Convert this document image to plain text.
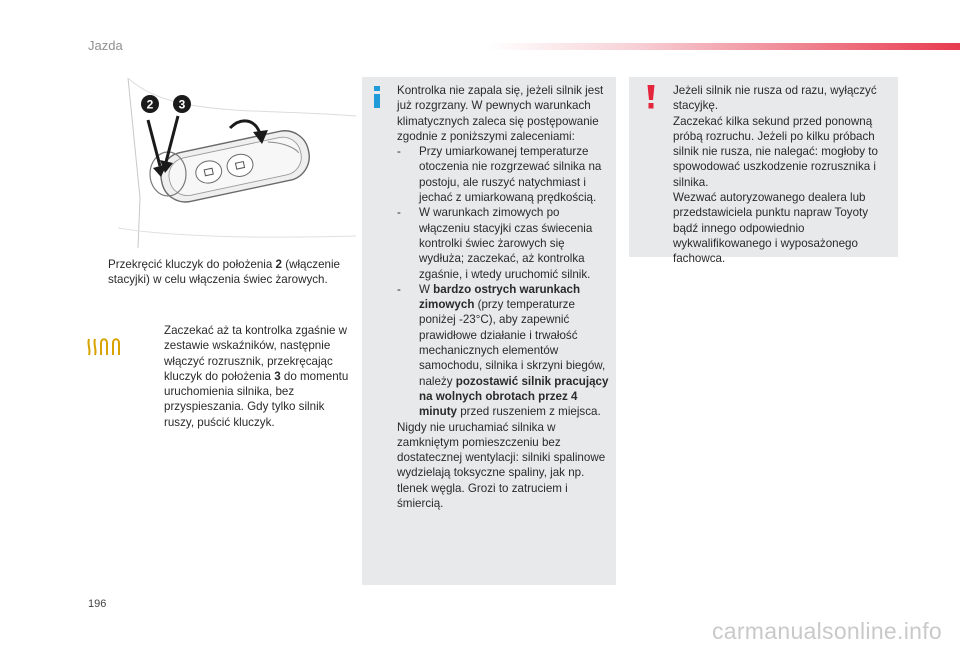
Jazda
2 3
Przekręcić kluczyk do położenia 2 (włączenie stacyjki) w celu włączenia świec żarowych.
Zaczekać aż ta kontrolka zgaśnie w zestawie wskaźników, następnie włączyć rozrusznik, przekręcając kluczyk do położenia 3 do momentu uruchomienia silnika, bez przyspieszania. Gdy tylko silnik ruszy, puścić kluczyk.

Kontrolka nie zapala się, jeżeli silnik jest już rozgrzany. W pewnych warunkach klimatycznych zaleca się postępowanie zgodnie z poniższymi zaleceniami:

- Przy umiarkowanej temperaturze otoczenia nie rozgrzewać silnika na postoju, ale ruszyć natychmiast i jechać z umiarkowaną prędkością.
- W warunkach zimowych po włączeniu stacyjki czas świecenia kontrolki świec żarowych się wydłuża; zaczekać, aż kontrolka zgaśnie, i wtedy uruchomić silnik.
- W bardzo ostrych warunkach zimowych (przy temperaturze poniżej -23°C), aby zapewnić prawidłowe działanie i trwałość mechanicznych elementów samochodu, silnika i skrzyni biegów, należy pozostawić silnik pracujący na wolnych obrotach przez 4 minuty przed ruszeniem z miejsca.

Nigdy nie uruchamiać silnika w zamkniętym pomieszczeniu bez dostatecznej wentylacji: silniki spalinowe wydzielają toksyczne spaliny, jak np. tlenek węgla. Grozi to zatruciem i śmiercią.

Jeżeli silnik nie rusza od razu, wyłączyć stacyjkę.

Zaczekać kilka sekund przed ponowną próbą rozruchu. Jeżeli po kilku próbach silnik nie rusza, nie nalegać: mogłoby to spowodować uszkodzenie rozrusznika i silnika.

Wezwać autoryzowanego dealera lub przedstawiciela punktu napraw Toyoty bądź innego odpowiednio wykwalifikowanego i wyposażonego fachowca.

196
carmanualsonline.info
